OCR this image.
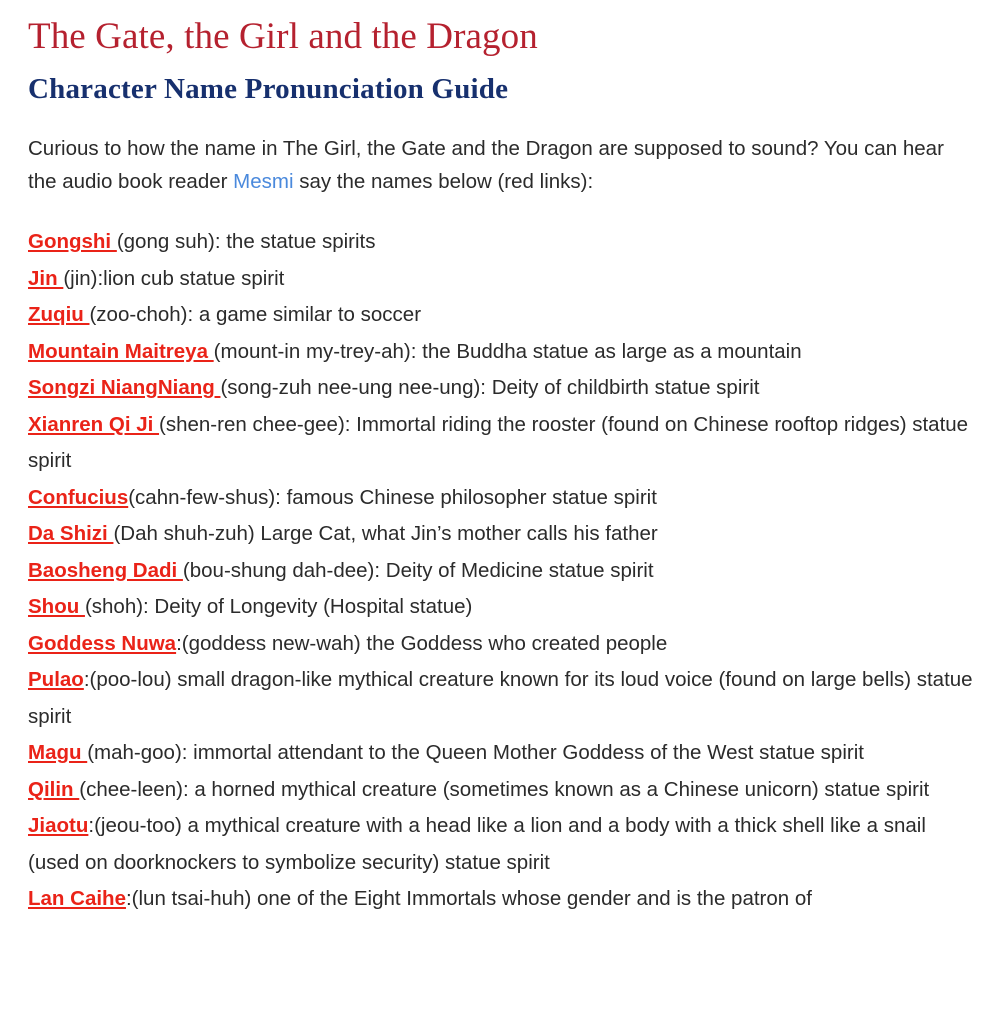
The Gate, the Girl and the Dragon
Character Name Pronunciation Guide

Curious to how the name in The Girl, the Gate and the Dragon are supposed to sound? You can hear the audio book reader Mesmi say the names below (red links):

Gongshi (gong suh): the statue spirits

Jin (jin):lion cub statue spirit

Zuqiu (zoo-choh): a game similar to soccer

Mountain Maitreya (mount-in my-trey-ah): the Buddha statue as large as a mountain

Songzi NiangNiang (song-zuh nee-ung nee-ung): Deity of childbirth statue spirit

Xianren Qi Ji (shen-ren chee-gee): Immortal riding the rooster (found on Chinese rooftop ridges) statue spirit

Confucius(cahn-few-shus): famous Chinese philosopher statue spirit

Da Shizi (Dah shuh-zuh) Large Cat, what Jin’s mother calls his father

Baosheng Dadi (bou-shung dah-dee): Deity of Medicine statue spirit

Shou (shoh): Deity of Longevity (Hospital statue)

Goddess Nuwa:(goddess new-wah) the Goddess who created people

Pulao:(poo-lou) small dragon-like mythical creature known for its loud voice (found on large bells) statue spirit

Magu (mah-goo): immortal attendant to the Queen Mother Goddess of the West statue spirit

Qilin (chee-leen): a horned mythical creature (sometimes known as a Chinese unicorn) statue spirit

Jiaotu:(jeou-too) a mythical creature with a head like a lion and a body with a thick shell like a snail (used on doorknockers to symbolize security) statue spirit

Lan Caihe:(lun tsai-huh) one of the Eight Immortals whose gender and is the patron of
